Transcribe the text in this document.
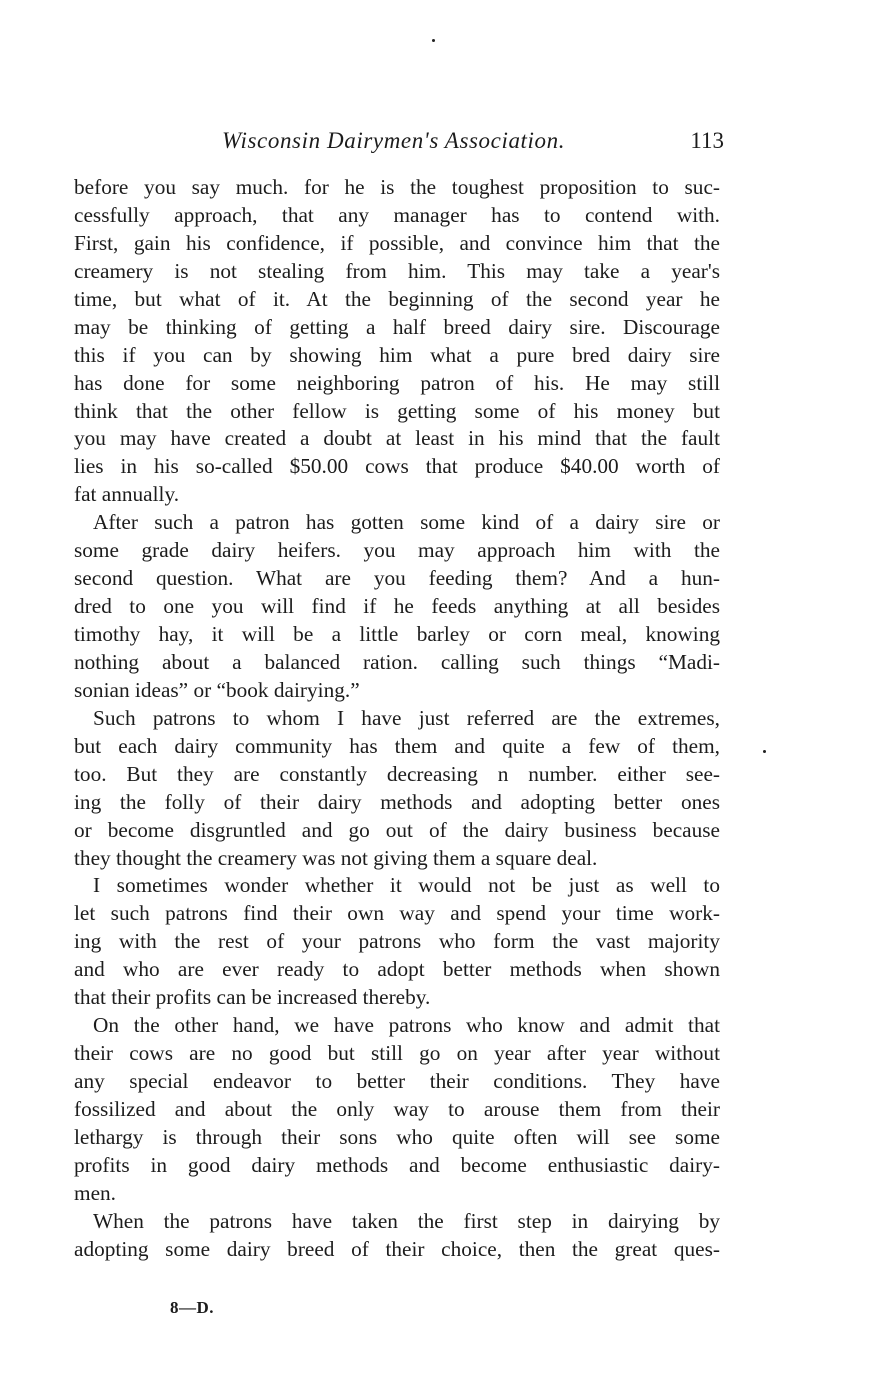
Wisconsin Dairymen's Association.	113
before you say much. for he is the toughest proposition to suc-
cessfully approach, that any manager has to contend with.
First, gain his confidence, if possible, and convince him that the
creamery is not stealing from him. This may take a year's
time, but what of it. At the beginning of the second year he
may be thinking of getting a half breed dairy sire. Discourage
this if you can by showing him what a pure bred dairy sire
has done for some neighboring patron of his. He may still
think that the other fellow is getting some of his money but
you may have created a doubt at least in his mind that the fault
lies in his so-called $50.00 cows that produce $40.00 worth of
fat annually.
After such a patron has gotten some kind of a dairy sire or
some grade dairy heifers. you may approach him with the
second question. What are you feeding them? And a hun-
dred to one you will find if he feeds anything at all besides
timothy hay, it will be a little barley or corn meal, knowing
nothing about a balanced ration. calling such things “Madi-
sonian ideas” or “book dairying.”
Such patrons to whom I have just referred are the extremes,
but each dairy community has them and quite a few of them,
too. But they are constantly decreasing n number. either see-
ing the folly of their dairy methods and adopting better ones
or become disgruntled and go out of the dairy business because
they thought the creamery was not giving them a square deal.
I sometimes wonder whether it would not be just as well to
let such patrons find their own way and spend your time work-
ing with the rest of your patrons who form the vast majority
and who are ever ready to adopt better methods when shown
that their profits can be increased thereby.
On the other hand, we have patrons who know and admit that
their cows are no good but still go on year after year without
any special endeavor to better their conditions. They have
fossilized and about the only way to arouse them from their
lethargy is through their sons who quite often will see some
profits in good dairy methods and become enthusiastic dairy-
men.
When the patrons have taken the first step in dairying by
adopting some dairy breed of their choice, then the great ques-
8—D.
